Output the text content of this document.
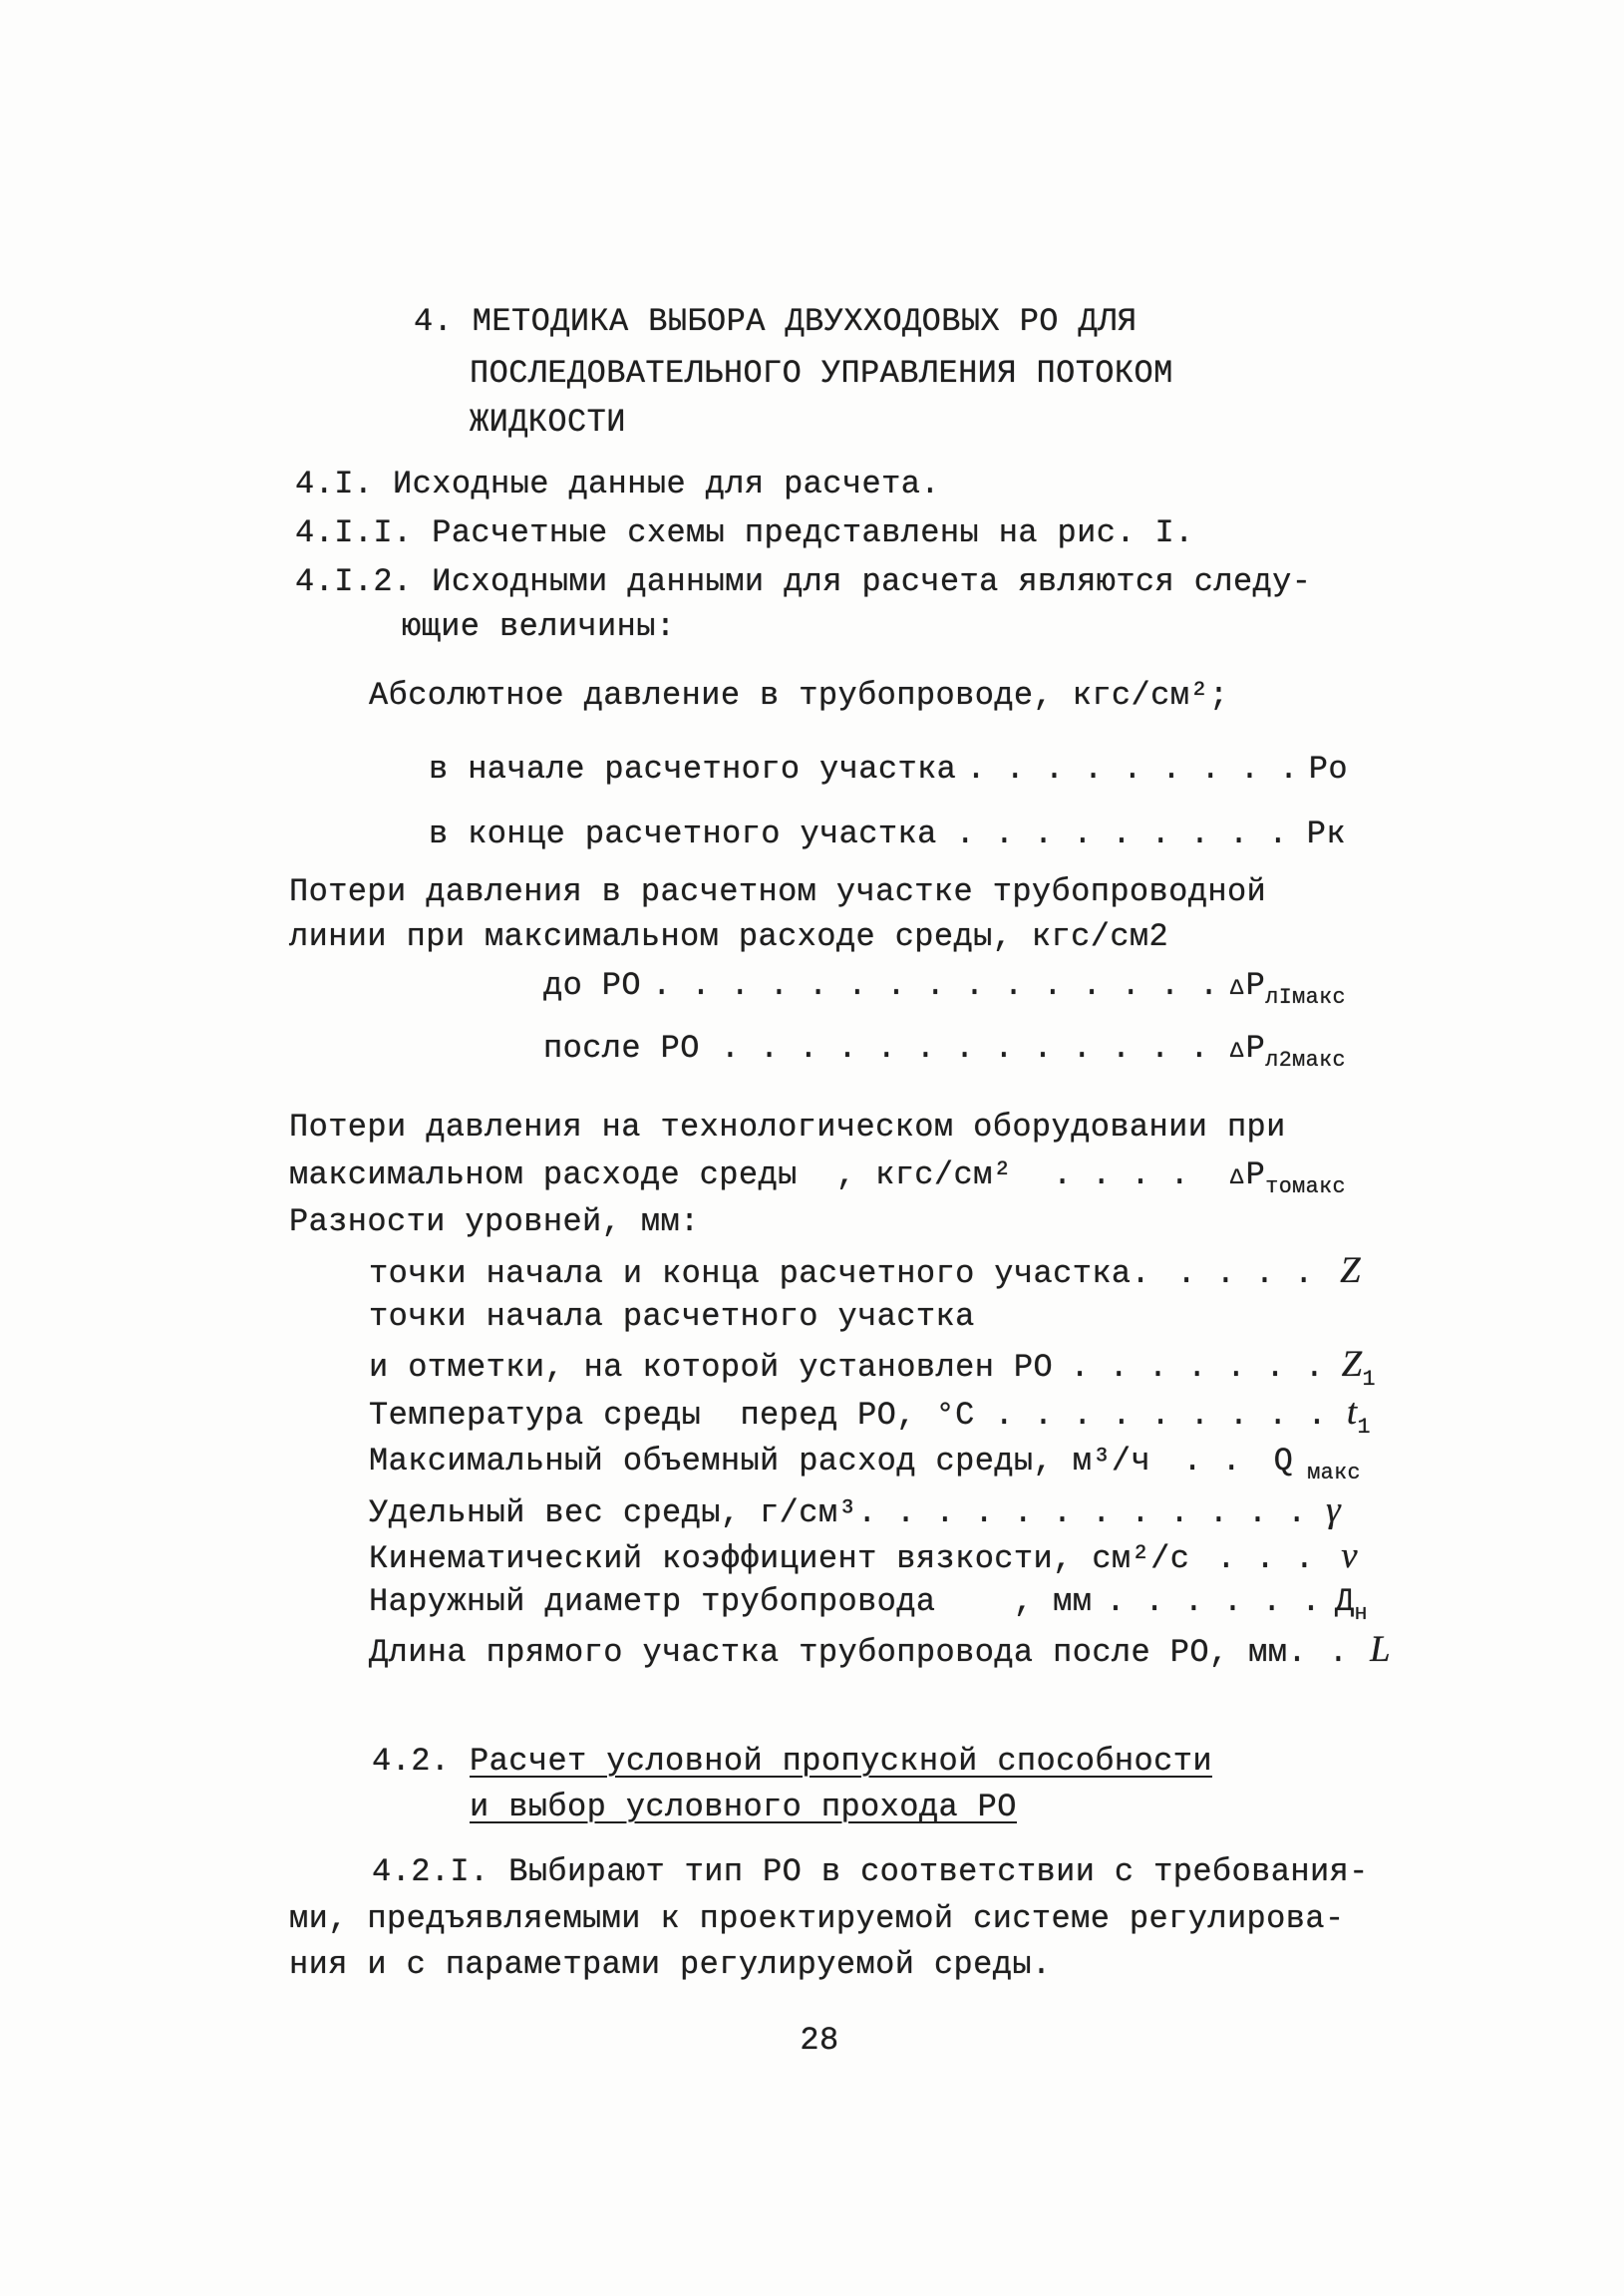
4. МЕТОДИКА ВЫБОРА ДВУХХОДОВЫХ РО ДЛЯ
ПОСЛЕДОВАТЕЛЬНОГО УПРАВЛЕНИЯ ПОТОКОМ
ЖИДКОСТИ
4.I. Исходные данные для расчета.
4.I.I. Расчетные схемы представлены на рис. I.
4.I.2. Исходными данными для расчета являются следу-
ющие величины:
Абсолютное давление в трубопроводе, кгс/см²;
в начале расчетного участка . . . . . . . . . Ро
в конце расчетного участка . . . . . . . . . Рк
Потери давления в расчетном участке трубопроводной
линии при максимальном расходе среды, кгс/см2
до РО . . . . . . . . . . . . . . . $\Delta P_{лIмакс}$
после РО . . . . . . . . . . . . . $\Delta P_{л2макс}$
Потери давления на технологическом оборудовании при
максимальном расходе среды  , кгс/см²	. . . .	$\Delta P_{томакс}$
Разности уровней, мм:
точки начала и конца расчетного участка. . . . . Z
точки начала расчетного участка
и отметки, на которой установлен РО . . . . . . . $Z_1$
Температура среды  перед РО, °С . . . . . . . . . $t_1$
Максимальный объемный расход среды, м³/ч	. .	Q $_{макс}$
Удельный вес среды, г/см³. . . . . . . . . . . . γ
Кинематический коэффициент вязкости, см²/с . . . ν
Наружный диаметр трубопровода    , мм . . . . . . $Д_н$
Длина прямого участка трубопровода после РО, мм. . L
4.2. Расчет условной пропускной способности
и выбор условного прохода РО
4.2.I. Выбирают тип РО в соответствии с требования-
ми, предъявляемыми к проектируемой системе регулирова-
ния и с параметрами регулируемой среды.
28
